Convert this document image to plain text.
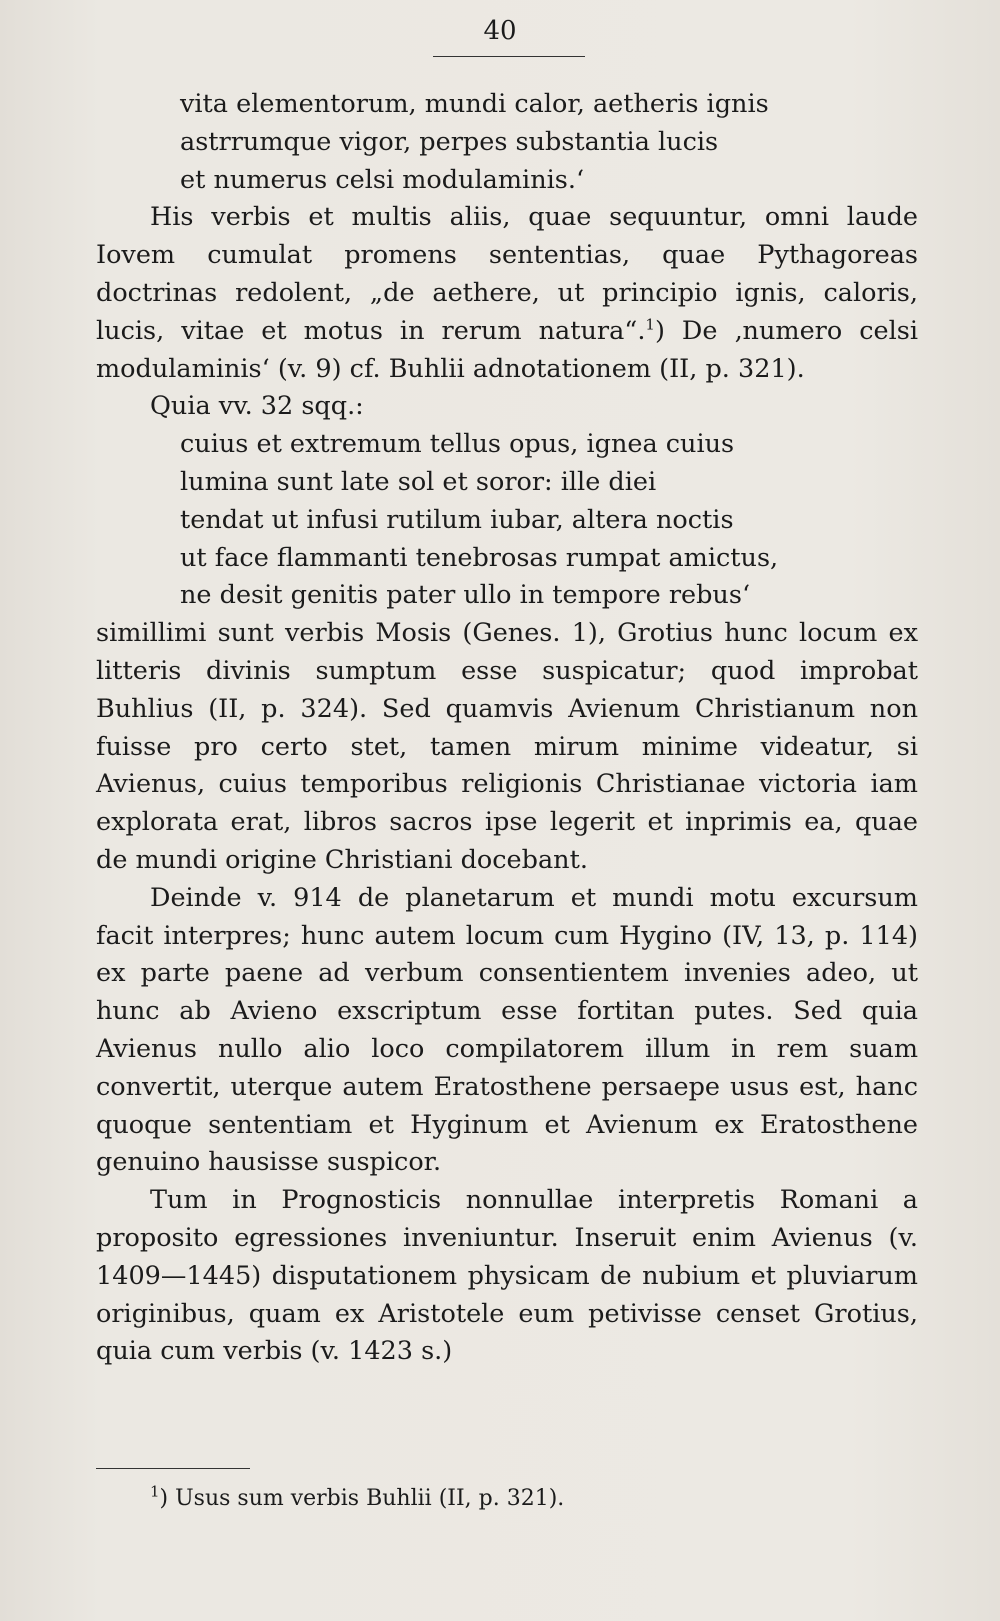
40
vita elementorum, mundi calor, aetheris ignis
astrrumque vigor, perpes substantia lucis
et numerus celsi modulaminis.‘

His verbis et multis aliis, quae sequuntur, omni laude Iovem cumulat promens sententias, quae Pythagoreas doctrinas redolent, „de aethere, ut principio ignis, caloris, lucis, vitae et motus in rerum natura“.$^1$) De ‚numero celsi modulaminis‘ (v. 9) cf. Buhlii adnotationem (II, p. 321).

Quia vv. 32 sqq.:

cuius et extremum tellus opus, ignea cuius
lumina sunt late sol et soror: ille diei
tendat ut infusi rutilum iubar, altera noctis
ut face flammanti tenebrosas rumpat amictus,
ne desit genitis pater ullo in tempore rebus‘

simillimi sunt verbis Mosis (Genes. 1), Grotius hunc locum ex litteris divinis sumptum esse suspicatur; quod improbat Buhlius (II, p. 324). Sed quamvis Avienum Christianum non fuisse pro certo stet, tamen mirum minime videatur, si Avienus, cuius temporibus religionis Christianae victoria iam explorata erat, libros sacros ipse legerit et inprimis ea, quae de mundi origine Christiani docebant.

Deinde v. 914 de planetarum et mundi motu excursum facit interpres; hunc autem locum cum Hygino (IV, 13, p. 114) ex parte paene ad verbum consentientem invenies adeo, ut hunc ab Avieno exscriptum esse fortitan putes. Sed quia Avienus nullo alio loco compilatorem illum in rem suam convertit, uterque autem Eratosthene persaepe usus est, hanc quoque sententiam et Hyginum et Avienum ex Eratosthene genuino hausisse suspicor.

Tum in Prognosticis nonnullae interpretis Romani a proposito egressiones inveniuntur. Inseruit enim Avienus (v. 1409—1445) disputationem physicam de nubium et pluviarum originibus, quam ex Aristotele eum petivisse censet Grotius, quia cum verbis (v. 1423 s.)

$^1$) Usus sum verbis Buhlii (II, p. 321).
